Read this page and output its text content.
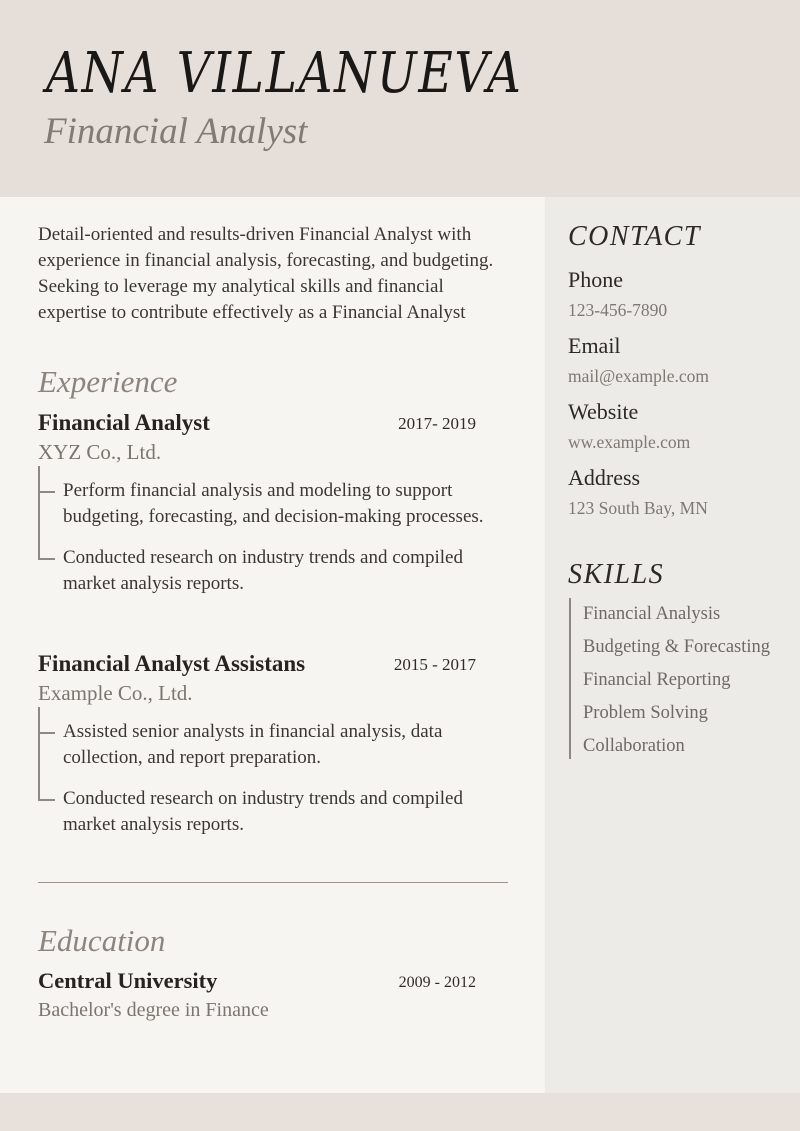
ANA VILLANUEVA
Financial Analyst

Detail-oriented and results-driven Financial Analyst with experience in financial analysis, forecasting, and budgeting. Seeking to leverage my analytical skills and financial expertise to contribute effectively as a Financial Analyst

Experience
Financial Analyst	2017- 2019
XYZ Co., Ltd.
Perform financial analysis and modeling to support budgeting, forecasting, and decision-making processes.
Conducted research on industry trends and compiled market analysis reports.
Financial Analyst Assistans	2015 - 2017
Example Co., Ltd.
Assisted senior analysts in financial analysis, data collection, and report preparation.
Conducted research on industry trends and compiled market analysis reports.
Education
Central University	2009 - 2012
Bachelor's degree in Finance
CONTACT
Phone
123-456-7890
Email
mail@example.com
Website
ww.example.com
Address
123 South Bay, MN
SKILLS
Financial Analysis
Budgeting & Forecasting
Financial Reporting
Problem Solving
Collaboration
